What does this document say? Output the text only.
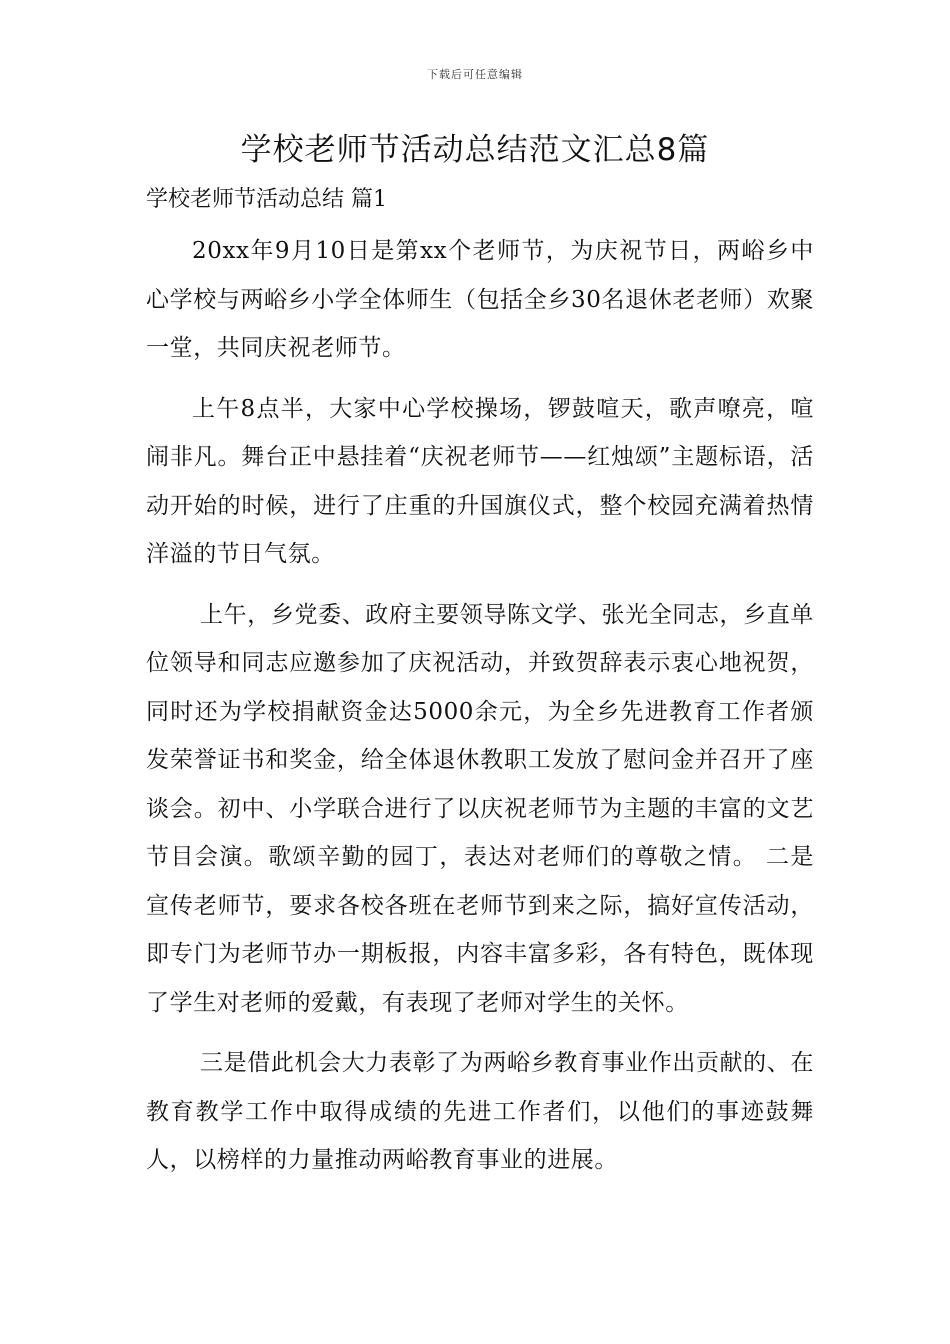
下载后可任意编辑
学校老师节活动总结范文汇总8篇
学校老师节活动总结 篇1

20xx年9月10日是第xx个老师节，为庆祝节日，两峪乡中心学校与两峪乡小学全体师生（包括全乡30名退休老老师）欢聚一堂，共同庆祝老师节。

上午8点半，大家中心学校操场，锣鼓喧天，歌声嘹亮，喧闹非凡。舞台正中悬挂着“庆祝老师节——红烛颂”主题标语，活动开始的时候，进行了庄重的升国旗仪式，整个校园充满着热情洋溢的节日气氛。

上午，乡党委、政府主要领导陈文学、张光全同志，乡直单位领导和同志应邀参加了庆祝活动，并致贺辞表示衷心地祝贺，同时还为学校捐献资金达5000余元，为全乡先进教育工作者颁发荣誉证书和奖金，给全体退休教职工发放了慰问金并召开了座谈会。初中、小学联合进行了以庆祝老师节为主题的丰富的文艺节目会演。歌颂辛勤的园丁，表达对老师们的尊敬之情。 二是宣传老师节，要求各校各班在老师节到来之际，搞好宣传活动，即专门为老师节办一期板报，内容丰富多彩，各有特色，既体现了学生对老师的爱戴，有表现了老师对学生的关怀。

三是借此机会大力表彰了为两峪乡教育事业作出贡献的、在教育教学工作中取得成绩的先进工作者们，以他们的事迹鼓舞人，以榜样的力量推动两峪教育事业的进展。
